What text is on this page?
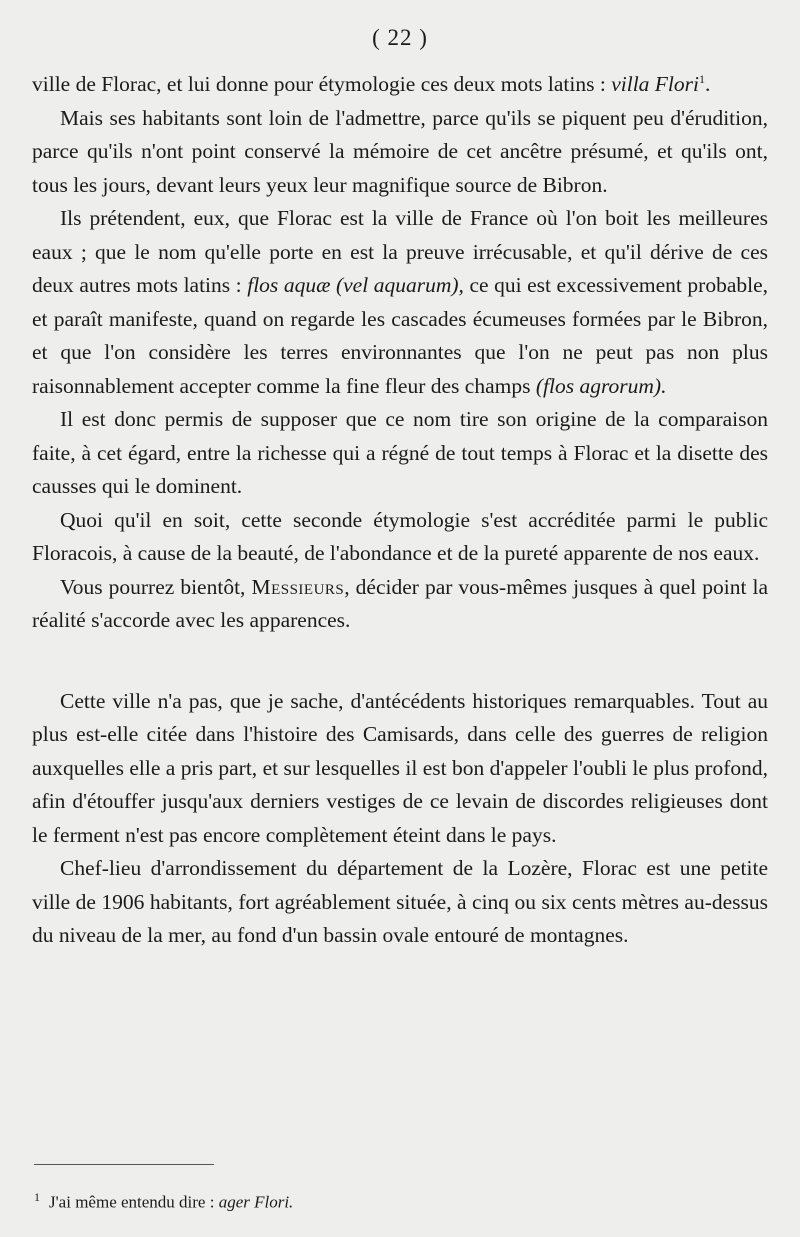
( 22 )

ville de Florac, et lui donne pour étymologie ces deux mots latins : villa Flori$^1$.

Mais ses habitants sont loin de l'admettre, parce qu'ils se piquent peu d'érudition, parce qu'ils n'ont point conservé la mémoire de cet ancêtre présumé, et qu'ils ont, tous les jours, devant leurs yeux leur magnifique source de Bibron.

Ils prétendent, eux, que Florac est la ville de France où l'on boit les meilleures eaux ; que le nom qu'elle porte en est la preuve irrécusable, et qu'il dérive de ces deux autres mots latins : flos aquæ (vel aquarum), ce qui est excessivement probable, et paraît manifeste, quand on regarde les cascades écumeuses formées par le Bibron, et que l'on considère les terres environnantes que l'on ne peut pas non plus raisonnablement accepter comme la fine fleur des champs (flos agrorum).

Il est donc permis de supposer que ce nom tire son origine de la comparaison faite, à cet égard, entre la richesse qui a régné de tout temps à Florac et la disette des causses qui le dominent.

Quoi qu'il en soit, cette seconde étymologie s'est accréditée parmi le public Floracois, à cause de la beauté, de l'abondance et de la pureté apparente de nos eaux.

Vous pourrez bientôt, Messieurs, décider par vous-mêmes jusques à quel point la réalité s'accorde avec les apparences.

Cette ville n'a pas, que je sache, d'antécédents historiques remarquables. Tout au plus est-elle citée dans l'histoire des Camisards, dans celle des guerres de religion auxquelles elle a pris part, et sur lesquelles il est bon d'appeler l'oubli le plus profond, afin d'étouffer jusqu'aux derniers vestiges de ce levain de discordes religieuses dont le ferment n'est pas encore complètement éteint dans le pays.

Chef-lieu d'arrondissement du département de la Lozère, Florac est une petite ville de 1906 habitants, fort agréablement située, à cinq ou six cents mètres au-dessus du niveau de la mer, au fond d'un bassin ovale entouré de montagnes.

$^1$ J'ai même entendu dire : ager Flori.
